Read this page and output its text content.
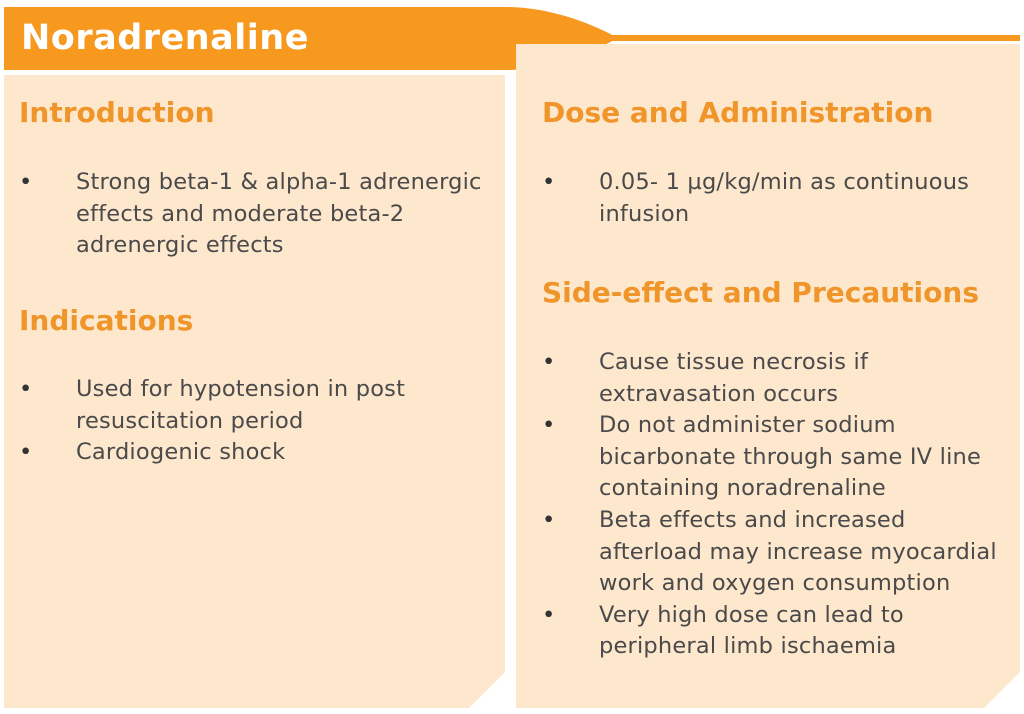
Noradrenaline
Introduction
• Strong beta-1 & alpha-1 adrenergic effects and moderate beta-2 adrenergic effects
Indications
• Used for hypotension in post resuscitation period
• Cardiogenic shock
Dose and Administration
• 0.05- 1 µg/kg/min as continuous infusion
Side-effect and Precautions
• Cause tissue necrosis if extravasation occurs
• Do not administer sodium bicarbonate through same IV line containing noradrenaline
• Beta effects and increased afterload may increase myocardial work and oxygen consumption
• Very high dose can lead to peripheral limb ischaemia
